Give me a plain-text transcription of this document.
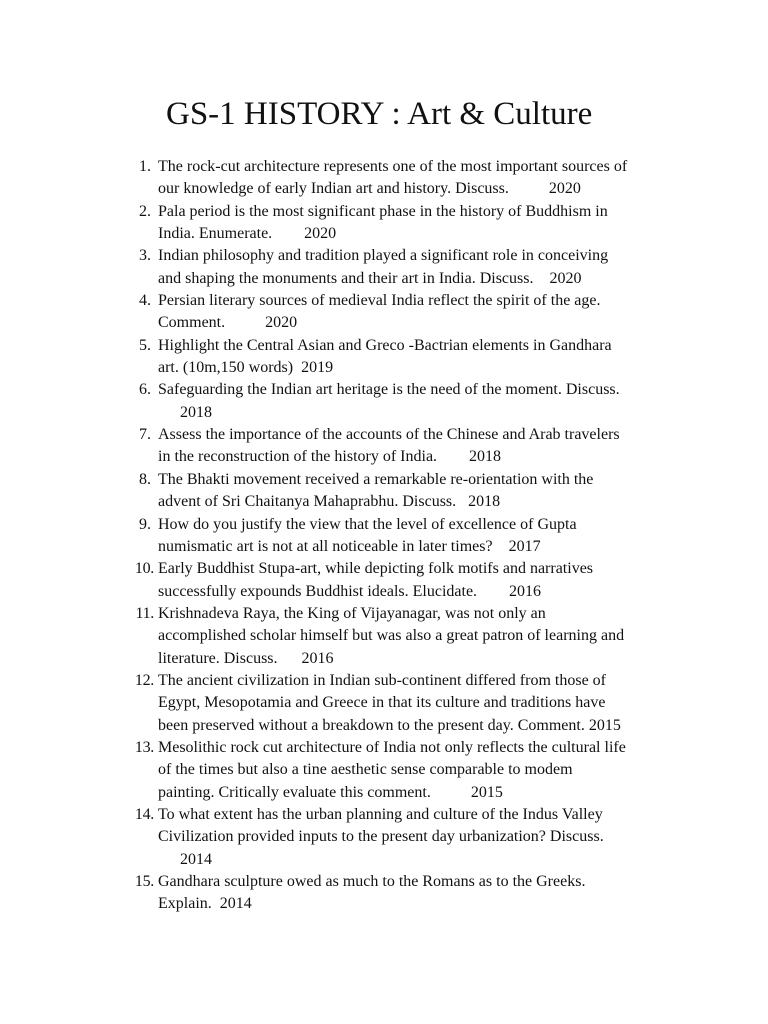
GS-1 HISTORY : Art & Culture
1. The rock-cut architecture represents one of the most important sources of
our knowledge of early Indian art and history. Discuss.          2020
2. Pala period is the most significant phase in the history of Buddhism in
India. Enumerate.        2020
3. Indian philosophy and tradition played a significant role in conceiving
and shaping the monuments and their art in India. Discuss.    2020
4. Persian literary sources of medieval India reflect the spirit of the age.
Comment.          2020
5. Highlight the Central Asian and Greco -Bactrian elements in Gandhara
art. (10m,150 words)  2019
6. Safeguarding the Indian art heritage is the need of the moment. Discuss.
2018
7. Assess the importance of the accounts of the Chinese and Arab travelers
in the reconstruction of the history of India.        2018
8. The Bhakti movement received a remarkable re-orientation with the
advent of Sri Chaitanya Mahaprabhu. Discuss.   2018
9. How do you justify the view that the level of excellence of Gupta
numismatic art is not at all noticeable in later times?    2017
10. Early Buddhist Stupa-art, while depicting folk motifs and narratives
successfully expounds Buddhist ideals. Elucidate.        2016
11. Krishnadeva Raya, the King of Vijayanagar, was not only an
accomplished scholar himself but was also a great patron of learning and
literature. Discuss.      2016
12. The ancient civilization in Indian sub-continent differed from those of
Egypt, Mesopotamia and Greece in that its culture and traditions have
been preserved without a breakdown to the present day. Comment. 2015
13. Mesolithic rock cut architecture of India not only reflects the cultural life
of the times but also a tine aesthetic sense comparable to modem
painting. Critically evaluate this comment.          2015
14. To what extent has the urban planning and culture of the Indus Valley
Civilization provided inputs to the present day urbanization? Discuss.
2014
15. Gandhara sculpture owed as much to the Romans as to the Greeks.
Explain.  2014
